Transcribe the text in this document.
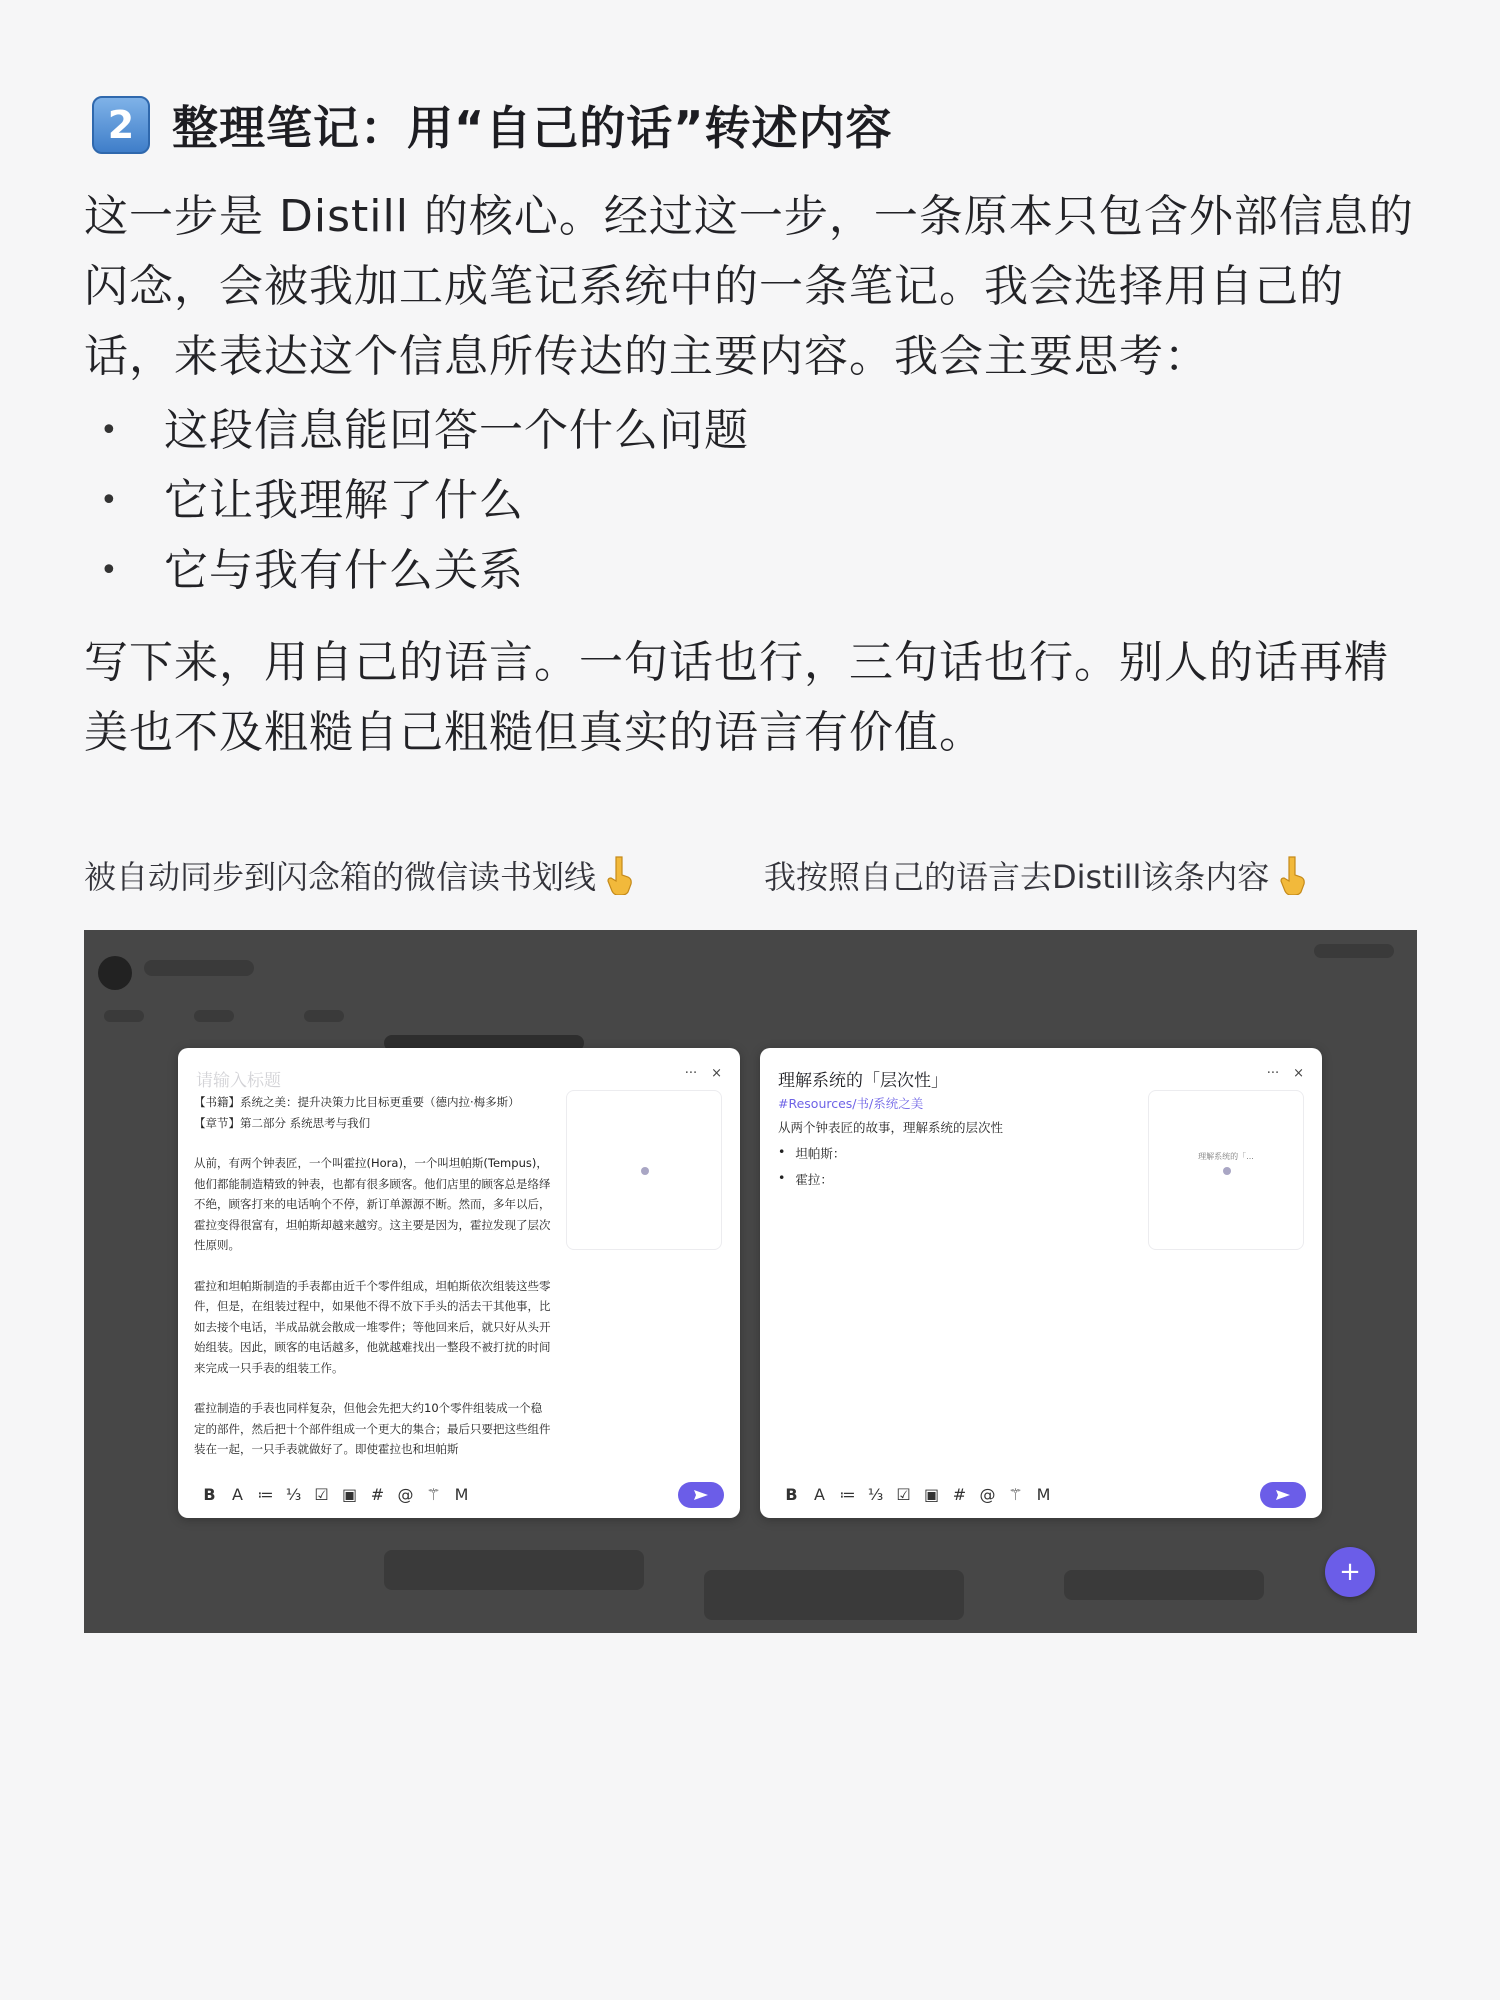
2 整理笔记：用“自己的话”转述内容
这一步是 Distill 的核心。经过这一步，一条原本只包含外部信息的闪念，会被我加工成笔记系统中的一条笔记。我会选择用自己的话，来表达这个信息所传达的主要内容。我会主要思考：
•	这段信息能回答一个什么问题
•	它让我理解了什么
•	它与我有什么关系
写下来，用自己的语言。一句话也行，三句话也行。别人的话再精美也不及粗糙自己粗糙但真实的语言有价值。
被自动同步到闪念箱的微信读书划线	我按照自己的语言去Distill该条内容
请输入标题	··· ×

【书籍】系统之美：提升决策力比目标更重要（德内拉·梅多斯）

【章节】第二部分 系统思考与我们

从前，有两个钟表匠，一个叫霍拉(Hora)，一个叫坦帕斯(Tempus)，他们都能制造精致的钟表，也都有很多顾客。他们店里的顾客总是络绎不绝，顾客打来的电话响个不停，新订单源源不断。然而，多年以后，霍拉变得很富有，坦帕斯却越来越穷。这主要是因为，霍拉发现了层次性原则。

霍拉和坦帕斯制造的手表都由近千个零件组成，坦帕斯依次组装这些零件，但是，在组装过程中，如果他不得不放下手头的活去干其他事，比如去接个电话，半成品就会散成一堆零件；等他回来后，就只好从头开始组装。因此，顾客的电话越多，他就越难找出一整段不被打扰的时间来完成一只手表的组装工作。

霍拉制造的手表也同样复杂，但他会先把大约10个零件组装成一个稳定的部件，然后把十个部件组成一个更大的集合；最后只要把这些组件装在一起，一只手表就做好了。即使霍拉也和坦帕斯

B A ≔ ⅓ ☑ ▣ # @ ⚚ M
理解系统的「层次性」	··· ×
#Resources/书/系统之美
从两个钟表匠的故事，理解系统的层次性
• 坦帕斯：
• 霍拉：
理解系统的「...
B A ≔ ⅓ ☑ ▣ # @ ⚚ M
+
